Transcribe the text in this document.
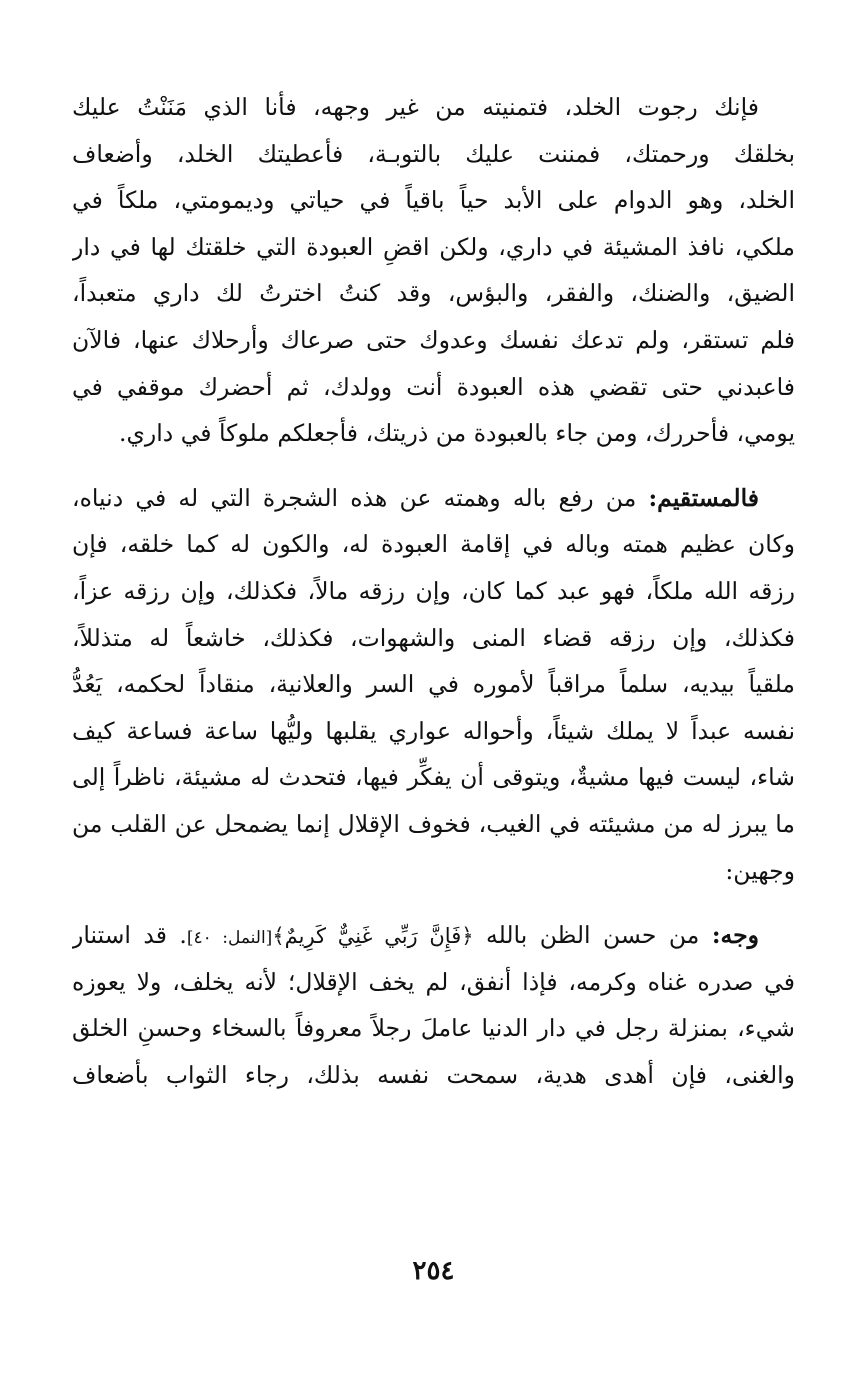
فإنك رجوت الخلد، فتمنيته من غير وجهه، فأنا الذي مَنَنْتُ عليك
بخلقك ورحمتك، فمننت عليك بالتوبـة، فأعطيتك الخلد، وأضعاف
الخلد، وهو الدوام على الأبد حياً باقياً في حياتي وديمومتي، ملكاً في
ملكي، نافذ المشيئة في داري، ولكن اقضِ العبودة التي خلقتك لها في دار
الضيق، والضنك، والفقر، والبؤس، وقد كنتُ اخترتُ لك داري متعبداً،
فلم تستقر، ولم تدعك نفسك وعدوك حتى صرعاك وأرحلاك عنها، فالآن
فاعبدني حتى تقضي هذه العبودة أنت وولدك، ثم أحضرك موقفي في
يومي، فأحررك، ومن جاء بالعبودة من ذريتك، فأجعلكم ملوكاً في داري.
فالمستقيم: من رفع باله وهمته عن هذه الشجرة التي له في دنياه،
وكان عظيم همته وباله في إقامة العبودة له، والكون له كما خلقه، فإن
رزقه الله ملكاً، فهو عبد كما كان، وإن رزقه مالاً، فكذلك، وإن رزقه عزاً،
فكذلك، وإن رزقه قضاء المنى والشهوات، فكذلك، خاشعاً له متذللاً،
ملقياً بيديه، سلماً مراقباً لأموره في السر والعلانية، منقاداً لحكمه، يَعُدُّ
نفسه عبداً لا يملك شيئاً، وأحواله عواري يقلبها وليُّها ساعة فساعة كيف
شاء، ليست فيها مشيةٌ، ويتوقى أن يفكِّر فيها، فتحدث له مشيئة، ناظراً إلى
ما يبرز له من مشيئته في الغيب، فخوف الإقلال إنما يضمحل عن القلب من
وجهين:
وجه: من حسن الظن بالله ﴿فَإِنَّ رَبِّي غَنِيٌّ كَرِيمٌ﴾[النمل: ٤٠]. قد استنار
في صدره غناه وكرمه، فإذا أنفق، لم يخف الإقلال؛ لأنه يخلف، ولا يعوزه
شيء، بمنزلة رجل في دار الدنيا عاملَ رجلاً معروفاً بالسخاء وحسنِ الخلق
والغنى، فإن أهدى هدية، سمحت نفسه بذلك، رجاء الثواب بأضعاف
٢٥٤
